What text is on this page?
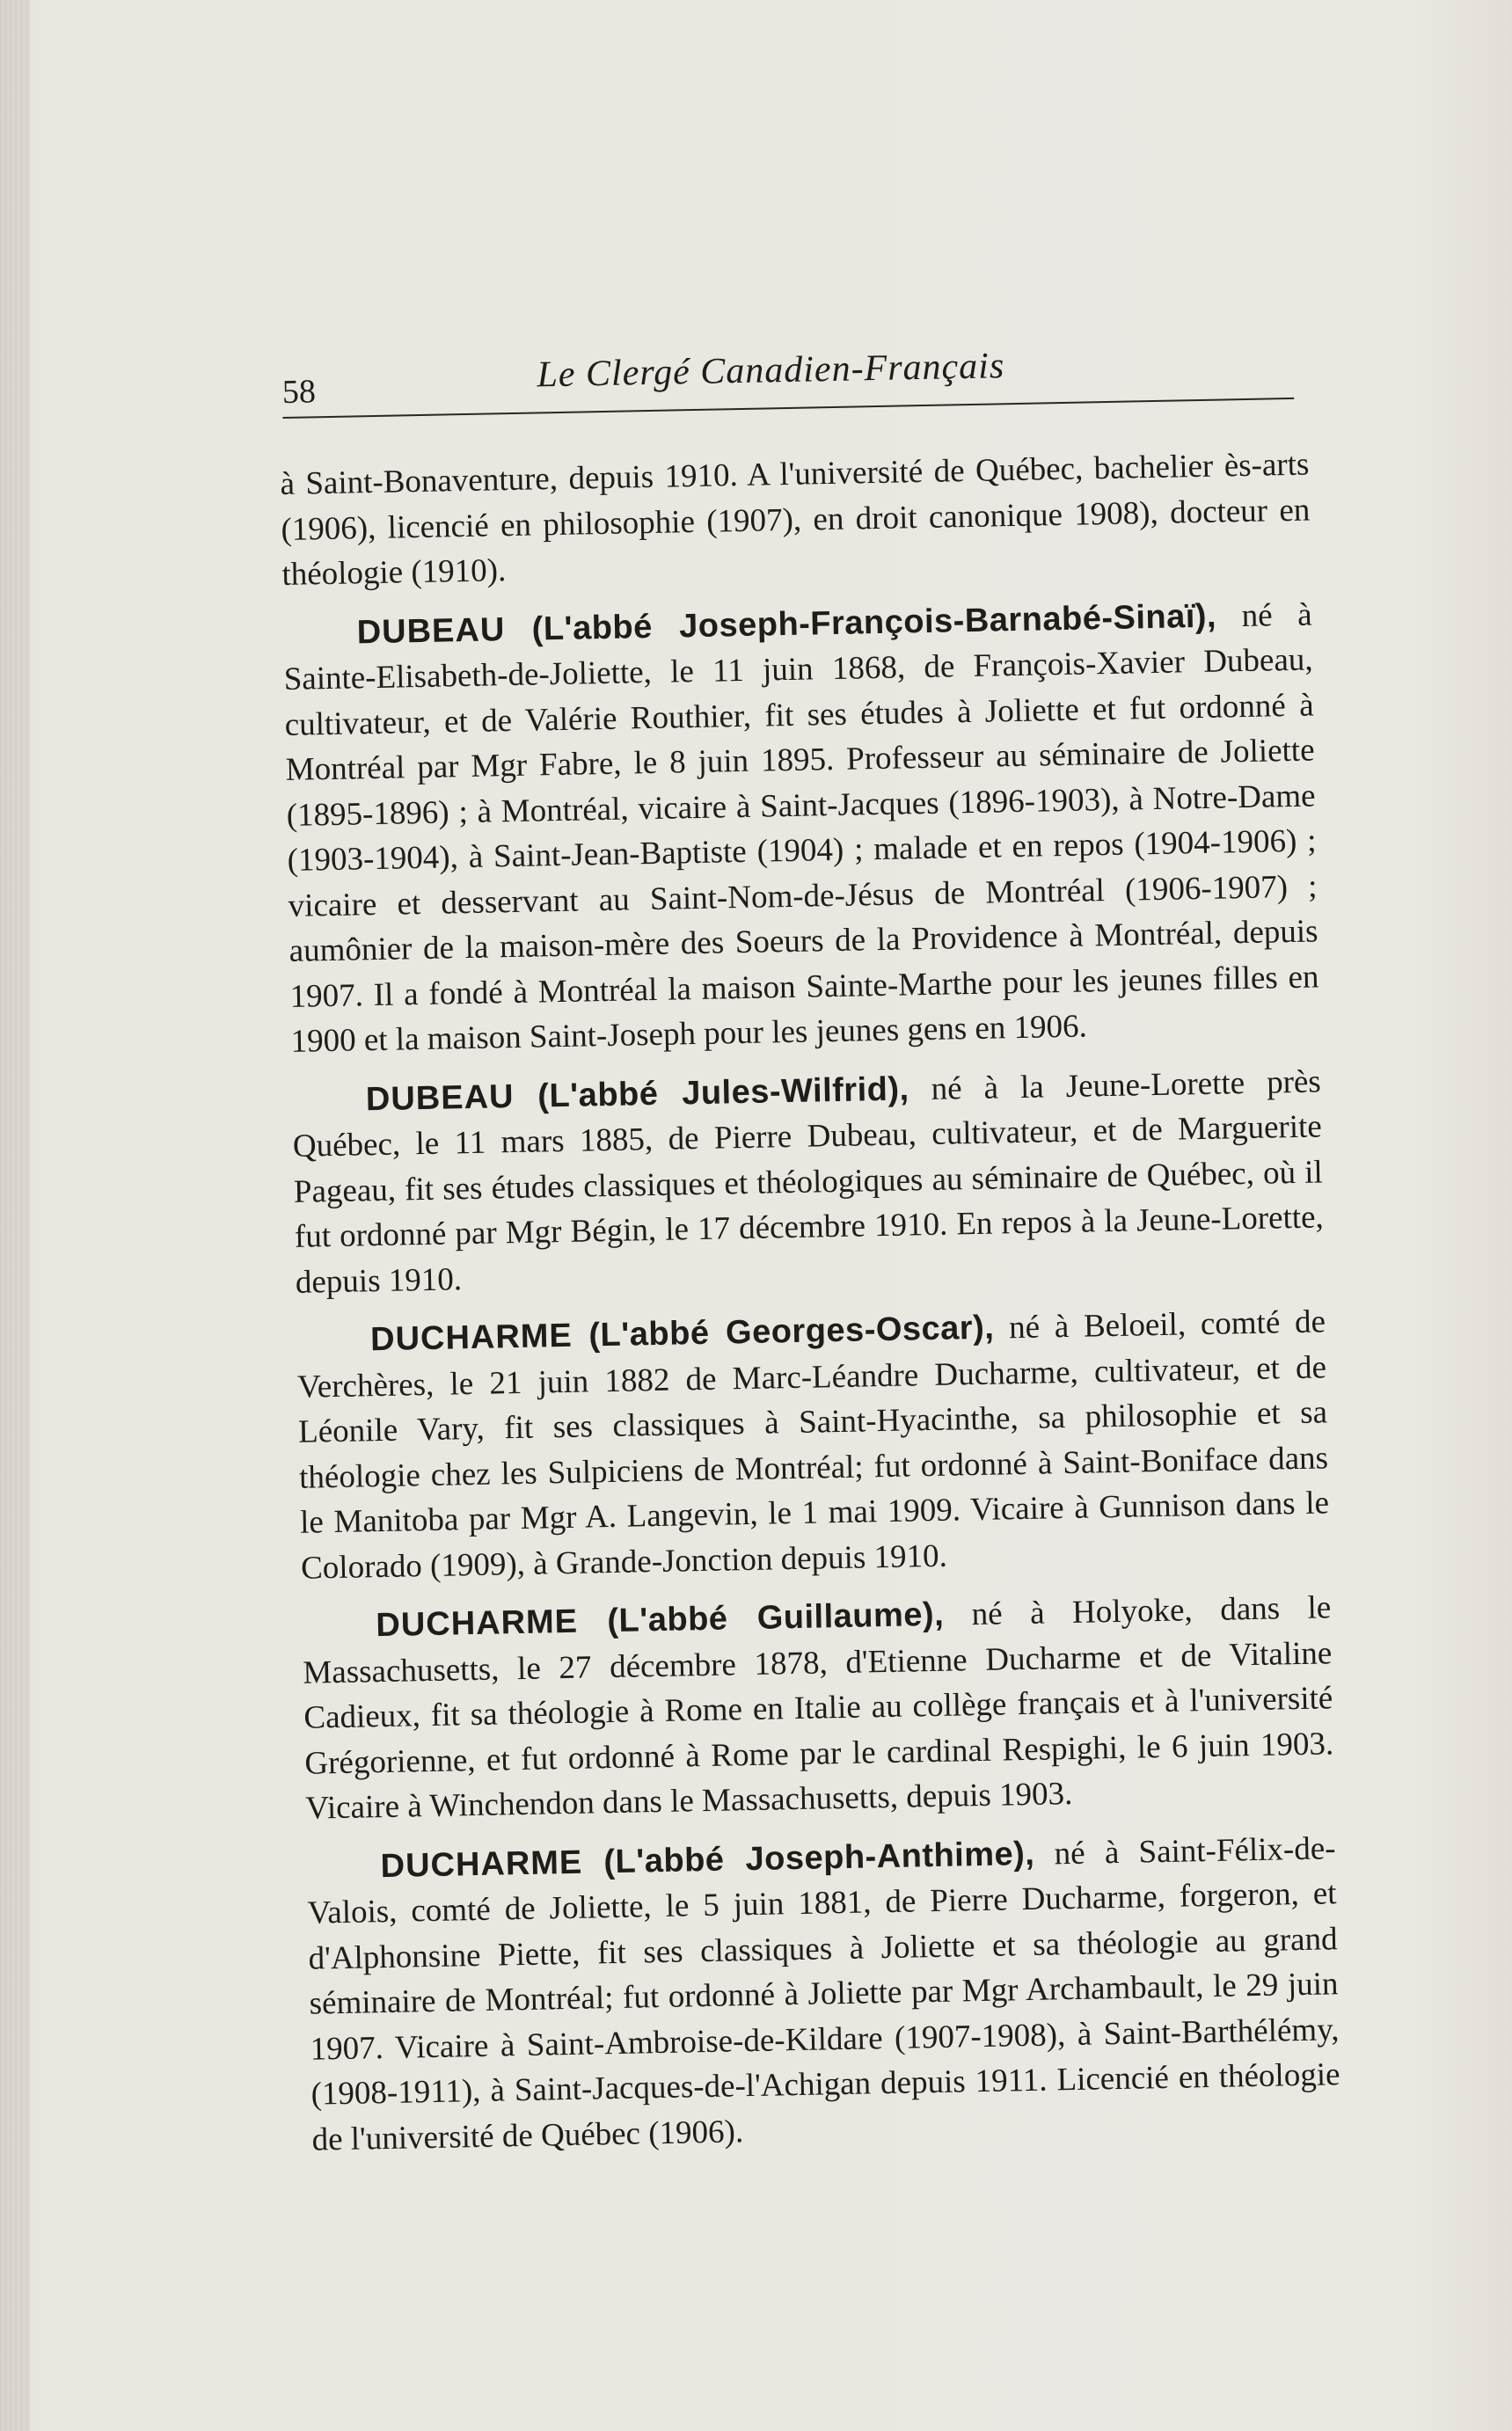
58	Le Clergé Canadien-Français

à Saint-Bonaventure, depuis 1910. A l'université de Québec, bachelier ès-arts (1906), licencié en philosophie (1907), en droit canonique 1908), docteur en théologie (1910).

DUBEAU (L'abbé Joseph-François-Barnabé-Sinaï), né à Sainte-Elisabeth-de-Joliette, le 11 juin 1868, de François-Xavier Dubeau, cultivateur, et de Valérie Routhier, fit ses études à Joliette et fut ordonné à Montréal par Mgr Fabre, le 8 juin 1895. Professeur au séminaire de Joliette (1895-1896) ; à Montréal, vicaire à Saint-Jacques (1896-1903), à Notre-Dame (1903-1904), à Saint-Jean-Baptiste (1904) ; malade et en repos (1904-1906) ; vicaire et desservant au Saint-Nom-de-Jésus de Montréal (1906-1907) ; aumônier de la maison-mère des Soeurs de la Providence à Montréal, depuis 1907. Il a fondé à Montréal la maison Sainte-Marthe pour les jeunes filles en 1900 et la maison Saint-Joseph pour les jeunes gens en 1906.

DUBEAU (L'abbé Jules-Wilfrid), né à la Jeune-Lorette près Québec, le 11 mars 1885, de Pierre Dubeau, cultivateur, et de Marguerite Pageau, fit ses études classiques et théologiques au séminaire de Québec, où il fut ordonné par Mgr Bégin, le 17 décembre 1910. En repos à la Jeune-Lorette, depuis 1910.

DUCHARME (L'abbé Georges-Oscar), né à Beloeil, comté de Verchères, le 21 juin 1882 de Marc-Léandre Ducharme, cultivateur, et de Léonile Vary, fit ses classiques à Saint-Hyacinthe, sa philosophie et sa théologie chez les Sulpiciens de Montréal; fut ordonné à Saint-Boniface dans le Manitoba par Mgr A. Langevin, le 1 mai 1909. Vicaire à Gunnison dans le Colorado (1909), à Grande-Jonction depuis 1910.

DUCHARME (L'abbé Guillaume), né à Holyoke, dans le Massachusetts, le 27 décembre 1878, d'Etienne Ducharme et de Vitaline Cadieux, fit sa théologie à Rome en Italie au collège français et à l'université Grégorienne, et fut ordonné à Rome par le cardinal Respighi, le 6 juin 1903. Vicaire à Winchendon dans le Massachusetts, depuis 1903.

DUCHARME (L'abbé Joseph-Anthime), né à Saint-Félix-de-Valois, comté de Joliette, le 5 juin 1881, de Pierre Ducharme, forgeron, et d'Alphonsine Piette, fit ses classiques à Joliette et sa théologie au grand séminaire de Montréal; fut ordonné à Joliette par Mgr Archambault, le 29 juin 1907. Vicaire à Saint-Ambroise-de-Kildare (1907-1908), à Saint-Barthélémy, (1908-1911), à Saint-Jacques-de-l'Achigan depuis 1911. Licencié en théologie de l'université de Québec (1906).
